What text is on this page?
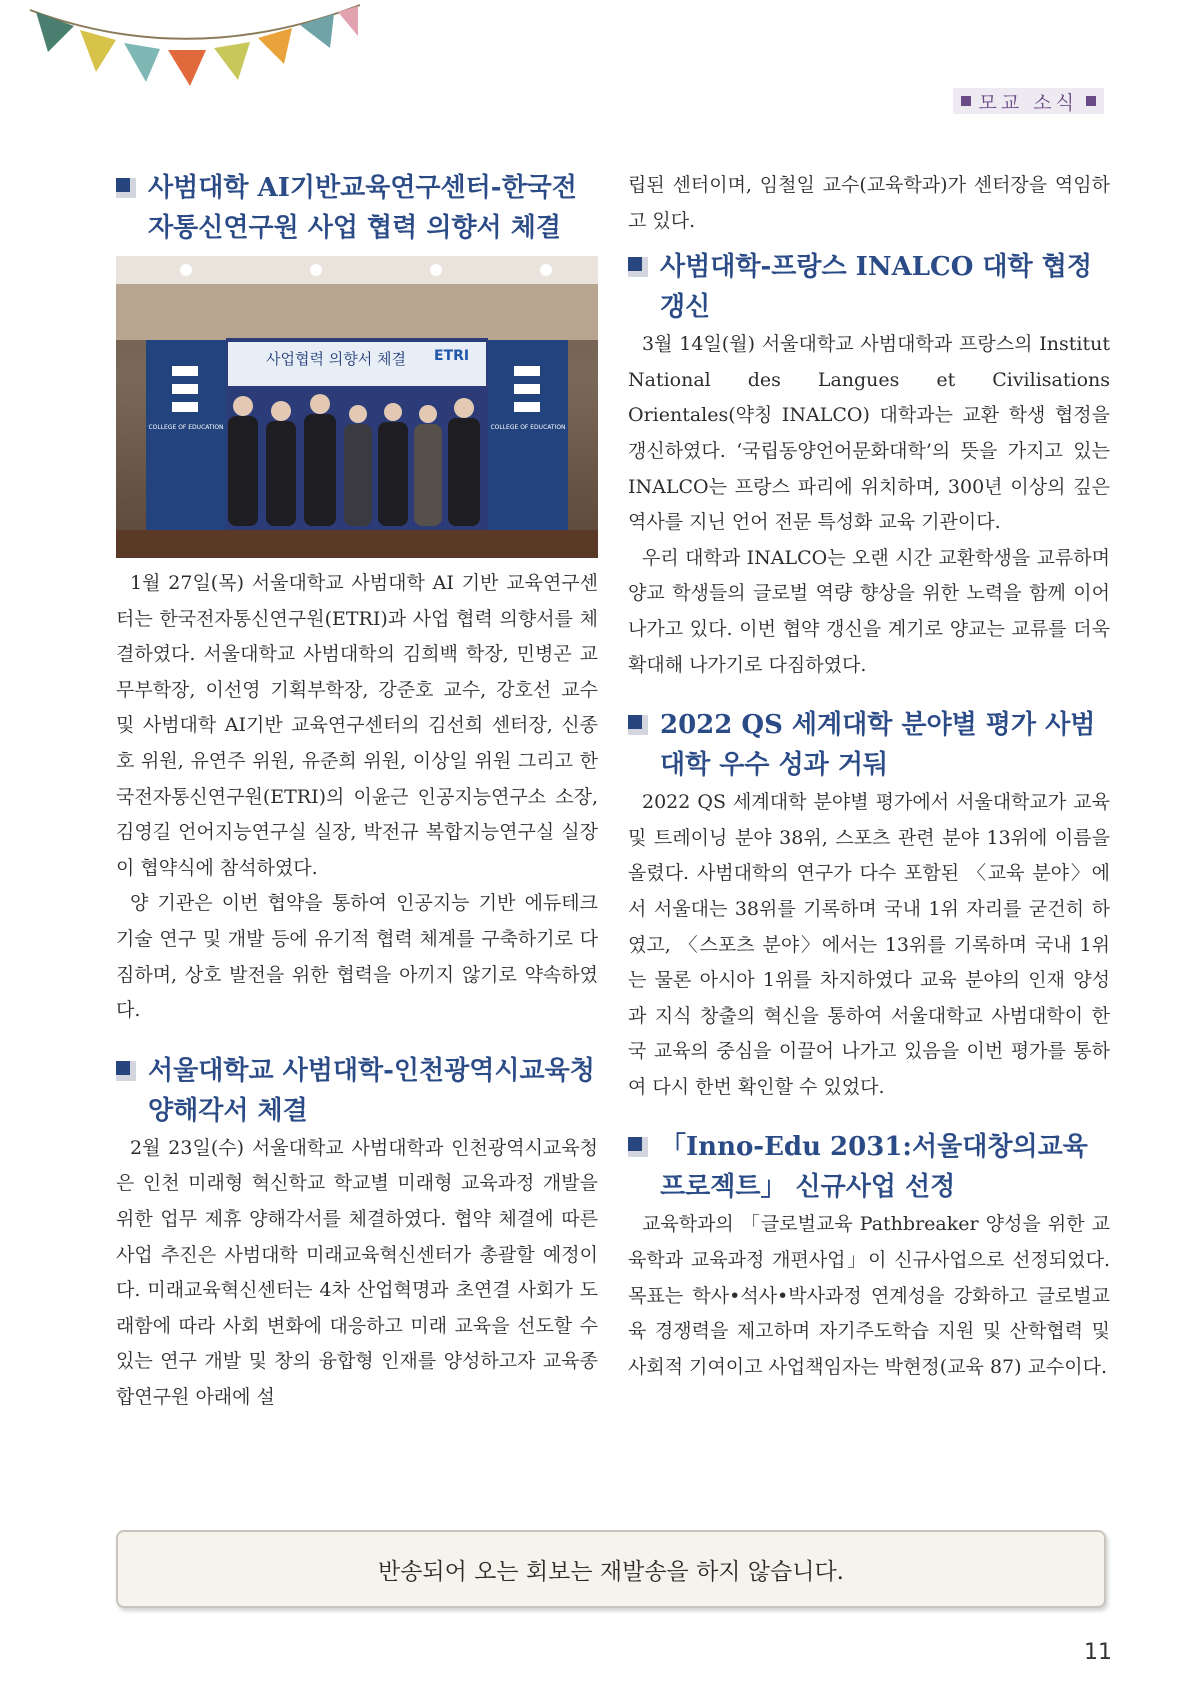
모교 소식
사범대학 AI기반교육연구센터-한국전자통신연구원 사업 협력 의향서 체결
사업협력 의향서 체결 ETRI
COLLEGE OF EDUCATION	COLLEGE OF EDUCATION

1월 27일(목) 서울대학교 사범대학 AI 기반 교육연구센터는 한국전자통신연구원(ETRI)과 사업 협력 의향서를 체결하였다. 서울대학교 사범대학의 김희백 학장, 민병곤 교무부학장, 이선영 기획부학장, 강준호 교수, 강호선 교수 및 사범대학 AI기반 교육연구센터의 김선희 센터장, 신종호 위원, 유연주 위원, 유준희 위원, 이상일 위원 그리고 한국전자통신연구원(ETRI)의 이윤근 인공지능연구소 소장, 김영길 언어지능연구실 실장, 박전규 복합지능연구실 실장이 협약식에 참석하였다.

양 기관은 이번 협약을 통하여 인공지능 기반 에듀테크 기술 연구 및 개발 등에 유기적 협력 체계를 구축하기로 다짐하며, 상호 발전을 위한 협력을 아끼지 않기로 약속하였다.

서울대학교 사범대학-인천광역시교육청 양해각서 체결

2월 23일(수) 서울대학교 사범대학과 인천광역시교육청은 인천 미래형 혁신학교 학교별 미래형 교육과정 개발을 위한 업무 제휴 양해각서를 체결하였다. 협약 체결에 따른 사업 추진은 사범대학 미래교육혁신센터가 총괄할 예정이다. 미래교육혁신센터는 4차 산업혁명과 초연결 사회가 도래함에 따라 사회 변화에 대응하고 미래 교육을 선도할 수 있는 연구 개발 및 창의 융합형 인재를 양성하고자 교육종합연구원 아래에 설

립된 센터이며, 임철일 교수(교육학과)가 센터장을 역임하고 있다.

사범대학-프랑스 INALCO 대학 협정 갱신

3월 14일(월) 서울대학교 사범대학과 프랑스의 Institut National des Langues et Civilisations Orientales(약칭 INALCO) 대학과는 교환 학생 협정을 갱신하였다. ‘국립동양언어문화대학’의 뜻을 가지고 있는 INALCO는 프랑스 파리에 위치하며, 300년 이상의 깊은 역사를 지닌 언어 전문 특성화 교육 기관이다.

우리 대학과 INALCO는 오랜 시간 교환학생을 교류하며 양교 학생들의 글로벌 역량 향상을 위한 노력을 함께 이어 나가고 있다. 이번 협약 갱신을 계기로 양교는 교류를 더욱 확대해 나가기로 다짐하였다.

2022 QS 세계대학 분야별 평가 사범대학 우수 성과 거둬

2022 QS 세계대학 분야별 평가에서 서울대학교가 교육 및 트레이닝 분야 38위, 스포츠 관련 분야 13위에 이름을 올렸다. 사범대학의 연구가 다수 포함된 〈교육 분야〉에서 서울대는 38위를 기록하며 국내 1위 자리를 굳건히 하였고, 〈스포츠 분야〉에서는 13위를 기록하며 국내 1위는 물론 아시아 1위를 차지하였다 교육 분야의 인재 양성과 지식 창출의 혁신을 통하여 서울대학교 사범대학이 한국 교육의 중심을 이끌어 나가고 있음을 이번 평가를 통하여 다시 한번 확인할 수 있었다.

「Inno-Edu 2031:서울대창의교육프로젝트」 신규사업 선정

교육학과의 「글로벌교육 Pathbreaker 양성을 위한 교육학과 교육과정 개편사업」이 신규사업으로 선정되었다. 목표는 학사•석사•박사과정 연계성을 강화하고 글로벌교육 경쟁력을 제고하며 자기주도학습 지원 및 산학협력 및 사회적 기여이고 사업책임자는 박현정(교육 87) 교수이다.

반송되어 오는 회보는 재발송을 하지 않습니다.
11
